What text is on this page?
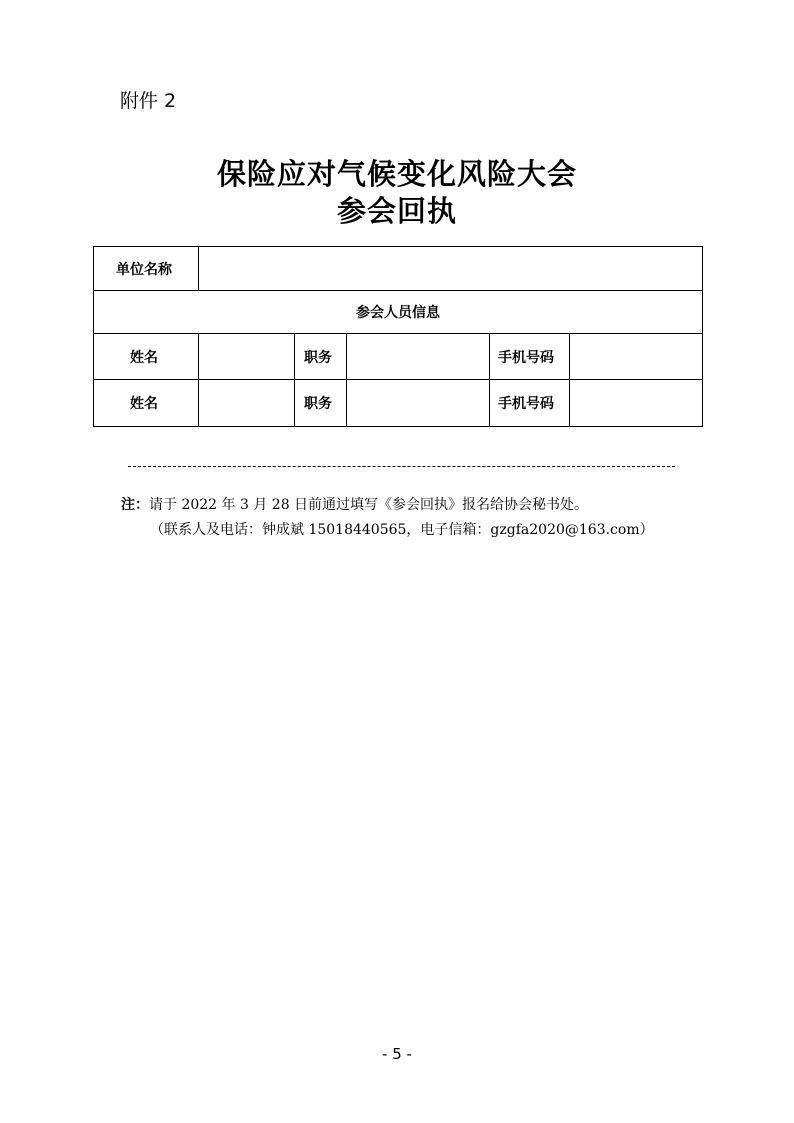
附件 2
保险应对气候变化风险大会
参会回执
单位名称					
参会人员信息					
姓名		职务		手机号码	
姓名		职务		手机号码	
注：请于 2022 年 3 月 28 日前通过填写《参会回执》报名给协会秘书处。
（联系人及电话：钟成斌 15018440565，电子信箱：gzgfa2020@163.com）
- 5 -
